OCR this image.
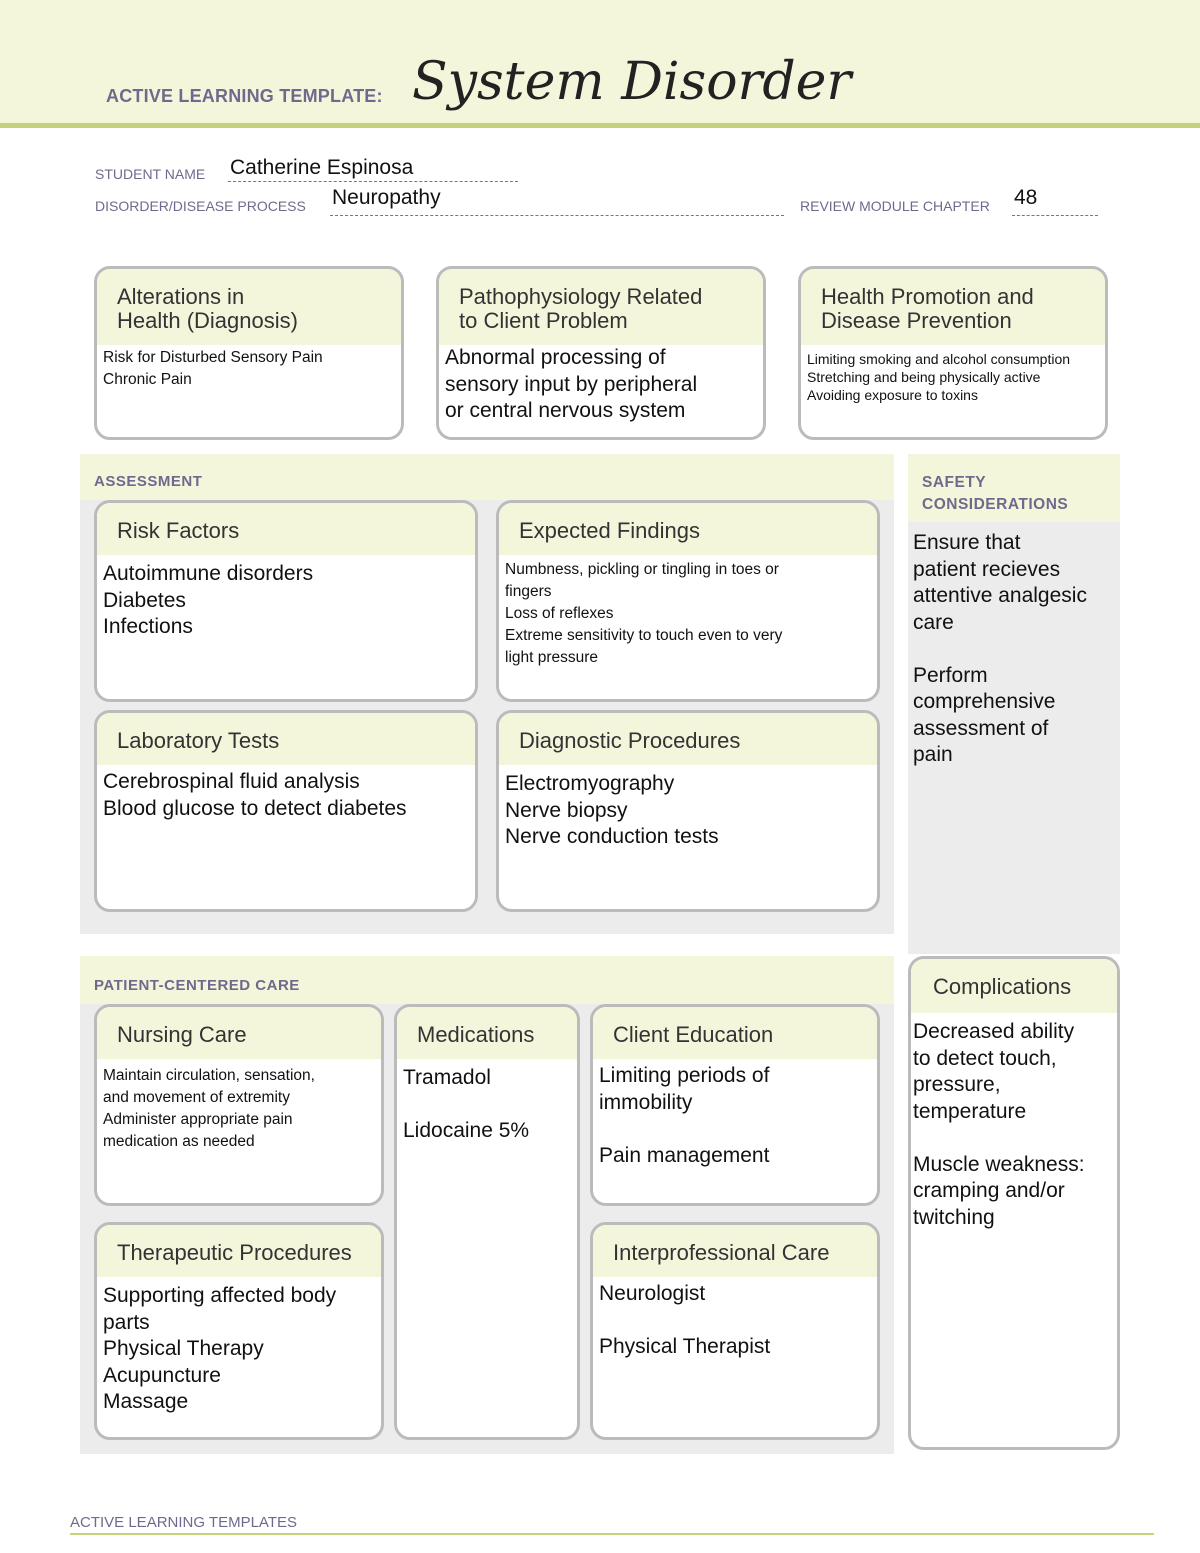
ACTIVE LEARNING TEMPLATE: System Disorder
STUDENT NAME Catherine Espinosa
DISORDER/DISEASE PROCESS Neuropathy	REVIEW MODULE CHAPTER 48
Alterations in
Health (Diagnosis)
Risk for Disturbed Sensory Pain
Chronic Pain
Pathophysiology Related
to Client Problem
Abnormal processing of
sensory input by peripheral
or central nervous system
Health Promotion and
Disease Prevention
Limiting smoking and alcohol consumption
Stretching and being physically active
Avoiding exposure to toxins
ASSESSMENT
Risk Factors
Autoimmune disorders
Diabetes
Infections
Expected Findings
Numbness, pickling or tingling in toes or
fingers
Loss of reflexes
Extreme sensitivity to touch even to very
light pressure
Laboratory Tests
Cerebrospinal fluid analysis
Blood glucose to detect diabetes
Diagnostic Procedures
Electromyography
Nerve biopsy
Nerve conduction tests
SAFETY
CONSIDERATIONS
Ensure that
patient recieves
attentive analgesic
care

Perform
comprehensive
assessment of
pain
PATIENT-CENTERED CARE
Nursing Care
Maintain circulation, sensation,
and movement of extremity
Administer appropriate pain
medication as needed
Medications
Tramadol

Lidocaine 5%
Client Education
Limiting periods of
immobility

Pain management
Therapeutic Procedures
Supporting affected body
parts
Physical Therapy
Acupuncture
Massage
Interprofessional Care
Neurologist

Physical Therapist
Complications
Decreased ability
to detect touch,
pressure,
temperature

Muscle weakness:
cramping and/or
twitching
ACTIVE LEARNING TEMPLATES
